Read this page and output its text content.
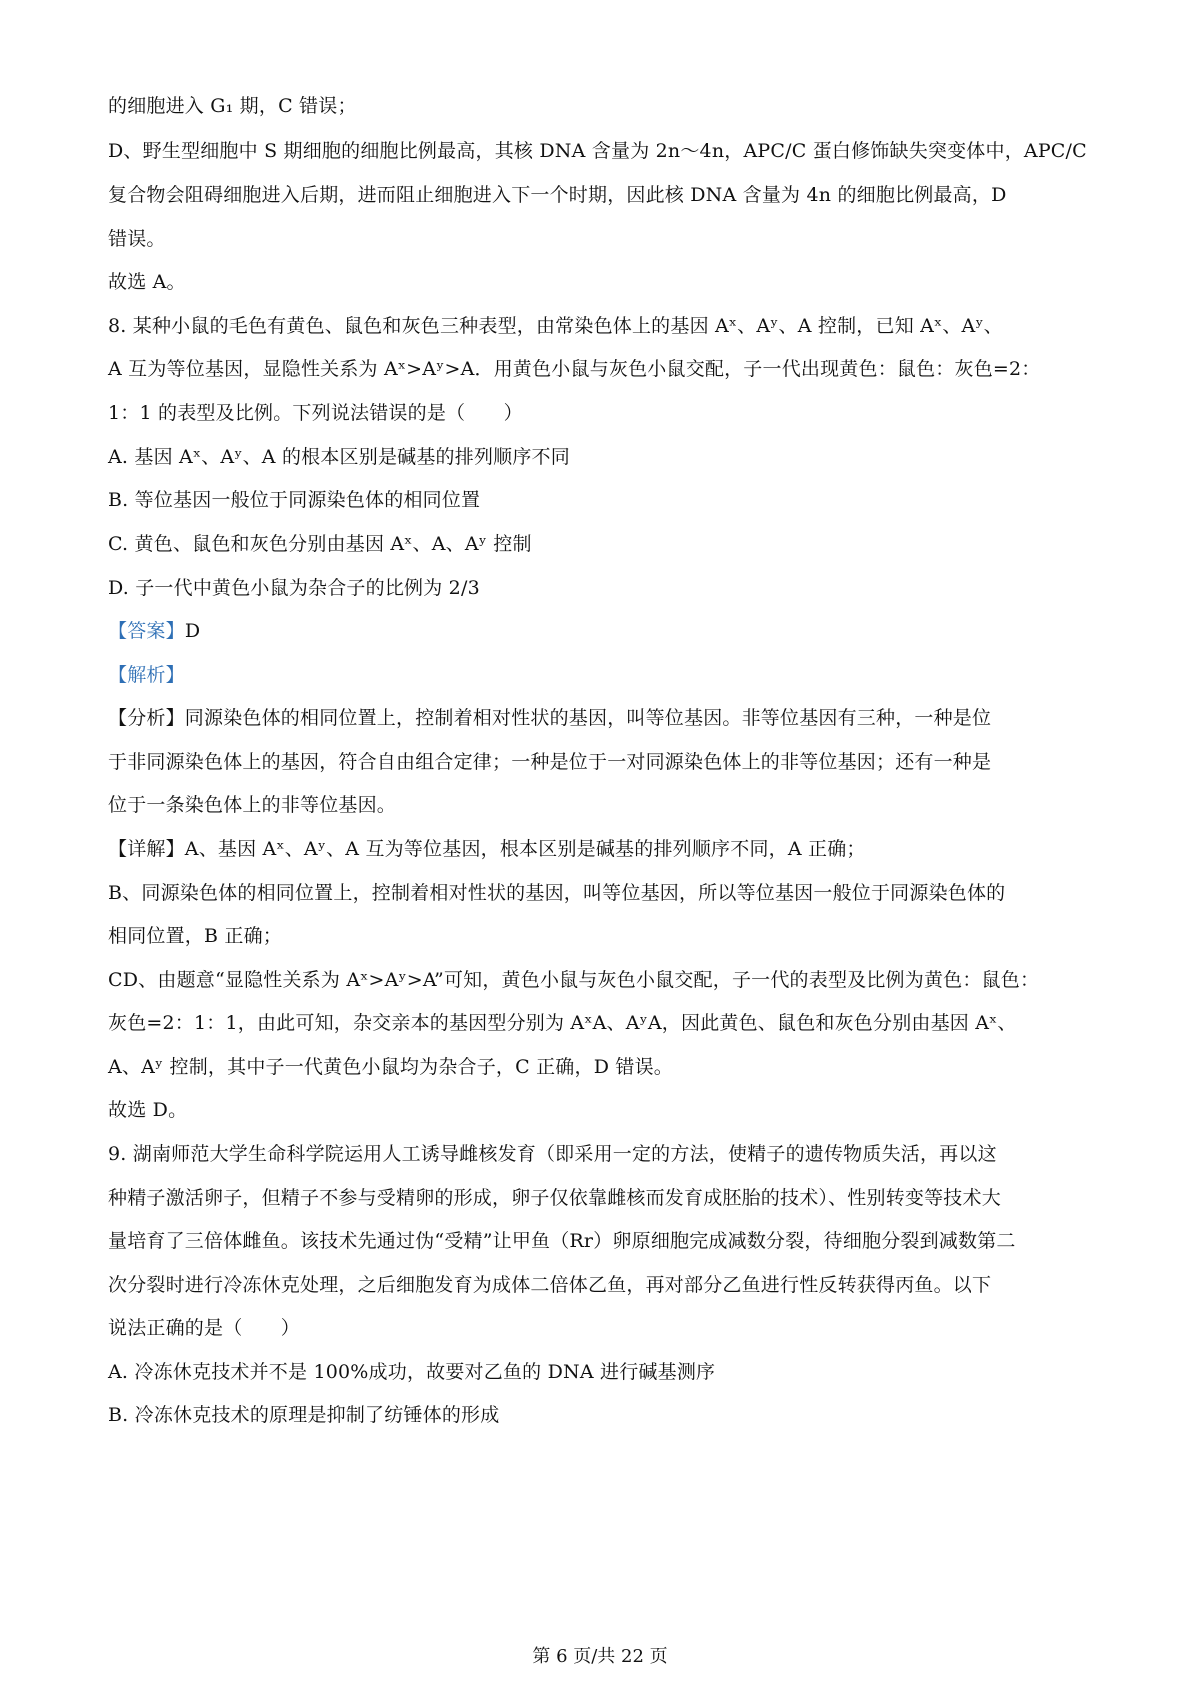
的细胞进入 G₁ 期，C 错误；
D、野生型细胞中 S 期细胞的细胞比例最高，其核 DNA 含量为 2n～4n，APC/C 蛋白修饰缺失突变体中，APC/C
复合物会阻碍细胞进入后期，进而阻止细胞进入下一个时期，因此核 DNA 含量为 4n 的细胞比例最高，D
错误。
故选 A。
8. 某种小鼠的毛色有黄色、鼠色和灰色三种表型，由常染色体上的基因 Aˣ、Aʸ、A 控制，已知 Aˣ、Aʸ、
A 互为等位基因，显隐性关系为 Aˣ>Aʸ>A．用黄色小鼠与灰色小鼠交配，子一代出现黄色：鼠色：灰色=2：
1：1 的表型及比例。下列说法错误的是（　　）
A. 基因 Aˣ、Aʸ、A 的根本区别是碱基的排列顺序不同
B. 等位基因一般位于同源染色体的相同位置
C. 黄色、鼠色和灰色分别由基因 Aˣ、A、Aʸ 控制
D. 子一代中黄色小鼠为杂合子的比例为 2/3
【答案】D
【解析】
【分析】同源染色体的相同位置上，控制着相对性状的基因，叫等位基因。非等位基因有三种，一种是位
于非同源染色体上的基因，符合自由组合定律；一种是位于一对同源染色体上的非等位基因；还有一种是
位于一条染色体上的非等位基因。
【详解】A、基因 Aˣ、Aʸ、A 互为等位基因，根本区别是碱基的排列顺序不同，A 正确；
B、同源染色体的相同位置上，控制着相对性状的基因，叫等位基因，所以等位基因一般位于同源染色体的
相同位置，B 正确；
CD、由题意“显隐性关系为 Aˣ>Aʸ>A”可知，黄色小鼠与灰色小鼠交配，子一代的表型及比例为黄色：鼠色：
灰色=2：1：1，由此可知，杂交亲本的基因型分别为 AˣA、AʸA，因此黄色、鼠色和灰色分别由基因 Aˣ、
A、Aʸ 控制，其中子一代黄色小鼠均为杂合子，C 正确，D 错误。
故选 D。
9. 湖南师范大学生命科学院运用人工诱导雌核发育（即采用一定的方法，使精子的遗传物质失活，再以这
种精子激活卵子，但精子不参与受精卵的形成，卵子仅依靠雌核而发育成胚胎的技术）、性别转变等技术大
量培育了三倍体雌鱼。该技术先通过伪“受精”让甲鱼（Rr）卵原细胞完成减数分裂，待细胞分裂到减数第二
次分裂时进行冷冻休克处理，之后细胞发育为成体二倍体乙鱼，再对部分乙鱼进行性反转获得丙鱼。以下
说法正确的是（　　）
A. 冷冻休克技术并不是 100%成功，故要对乙鱼的 DNA 进行碱基测序
B. 冷冻休克技术的原理是抑制了纺锤体的形成
第 6 页/共 22 页
